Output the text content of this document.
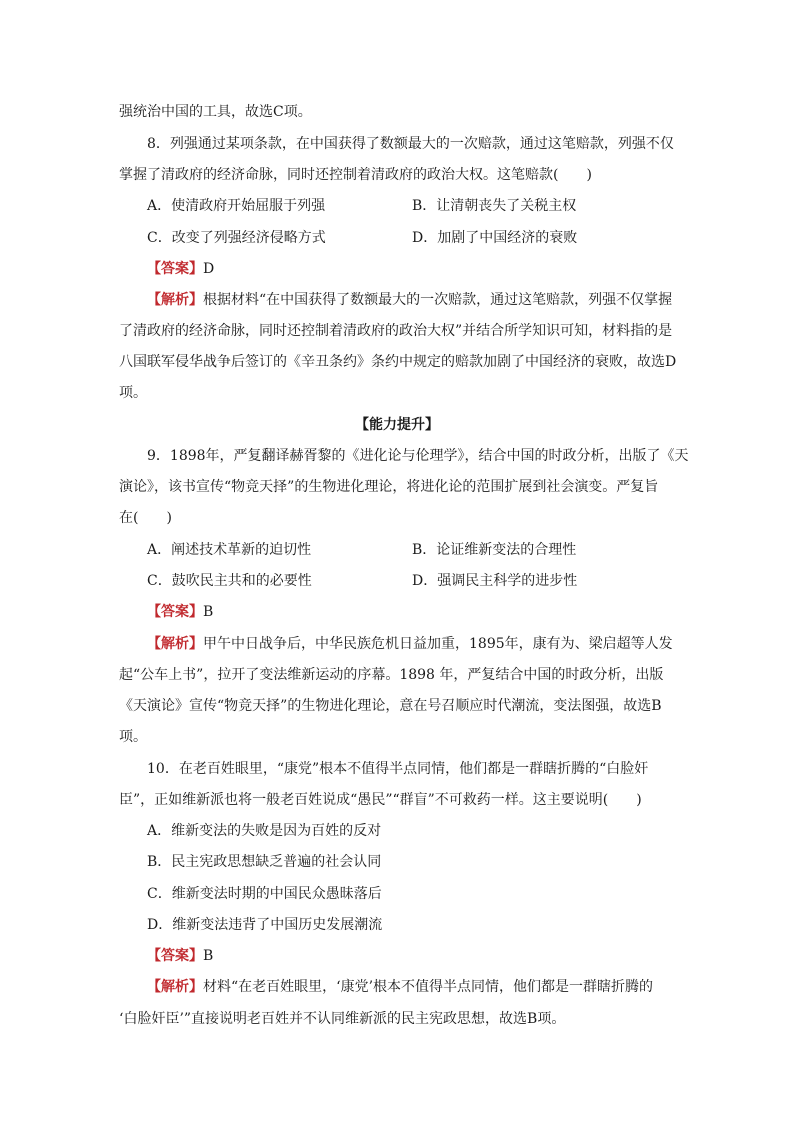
强统治中国的工具，故选C项。
8．列强通过某项条款，在中国获得了数额最大的一次赔款，通过这笔赔款，列强不仅
掌握了清政府的经济命脉，同时还控制着清政府的政治大权。这笔赔款(　　)
A．使清政府开始屈服于列强	B．让清朝丧失了关税主权
C．改变了列强经济侵略方式	D．加剧了中国经济的衰败
【答案】D
【解析】根据材料“在中国获得了数额最大的一次赔款，通过这笔赔款，列强不仅掌握
了清政府的经济命脉，同时还控制着清政府的政治大权”并结合所学知识可知，材料指的是
八国联军侵华战争后签订的《辛丑条约》条约中规定的赔款加剧了中国经济的衰败，故选D
项。
【能力提升】
9．1898年，严复翻译赫胥黎的《进化论与伦理学》，结合中国的时政分析，出版了《天
演论》，该书宣传“物竞天择”的生物进化理论，将进化论的范围扩展到社会演变。严复旨
在(　　)
A．阐述技术革新的迫切性	B．论证维新变法的合理性
C．鼓吹民主共和的必要性	D．强调民主科学的进步性
【答案】B
【解析】甲午中日战争后，中华民族危机日益加重，1895年，康有为、梁启超等人发
起“公车上书”，拉开了变法维新运动的序幕。1898 年，严复结合中国的时政分析，出版
《天演论》宣传“物竞天择”的生物进化理论，意在号召顺应时代潮流，变法图强，故选B
项。
10．在老百姓眼里，“康党”根本不值得半点同情，他们都是一群瞎折腾的“白脸奸
臣”，正如维新派也将一般老百姓说成“愚民”“群盲”不可救药一样。这主要说明(　　)
A．维新变法的失败是因为百姓的反对
B．民主宪政思想缺乏普遍的社会认同
C．维新变法时期的中国民众愚昧落后
D．维新变法违背了中国历史发展潮流
【答案】B
【解析】材料“在老百姓眼里，‘康党’根本不值得半点同情，他们都是一群瞎折腾的
‘白脸奸臣’”直接说明老百姓并不认同维新派的民主宪政思想，故选B项。
